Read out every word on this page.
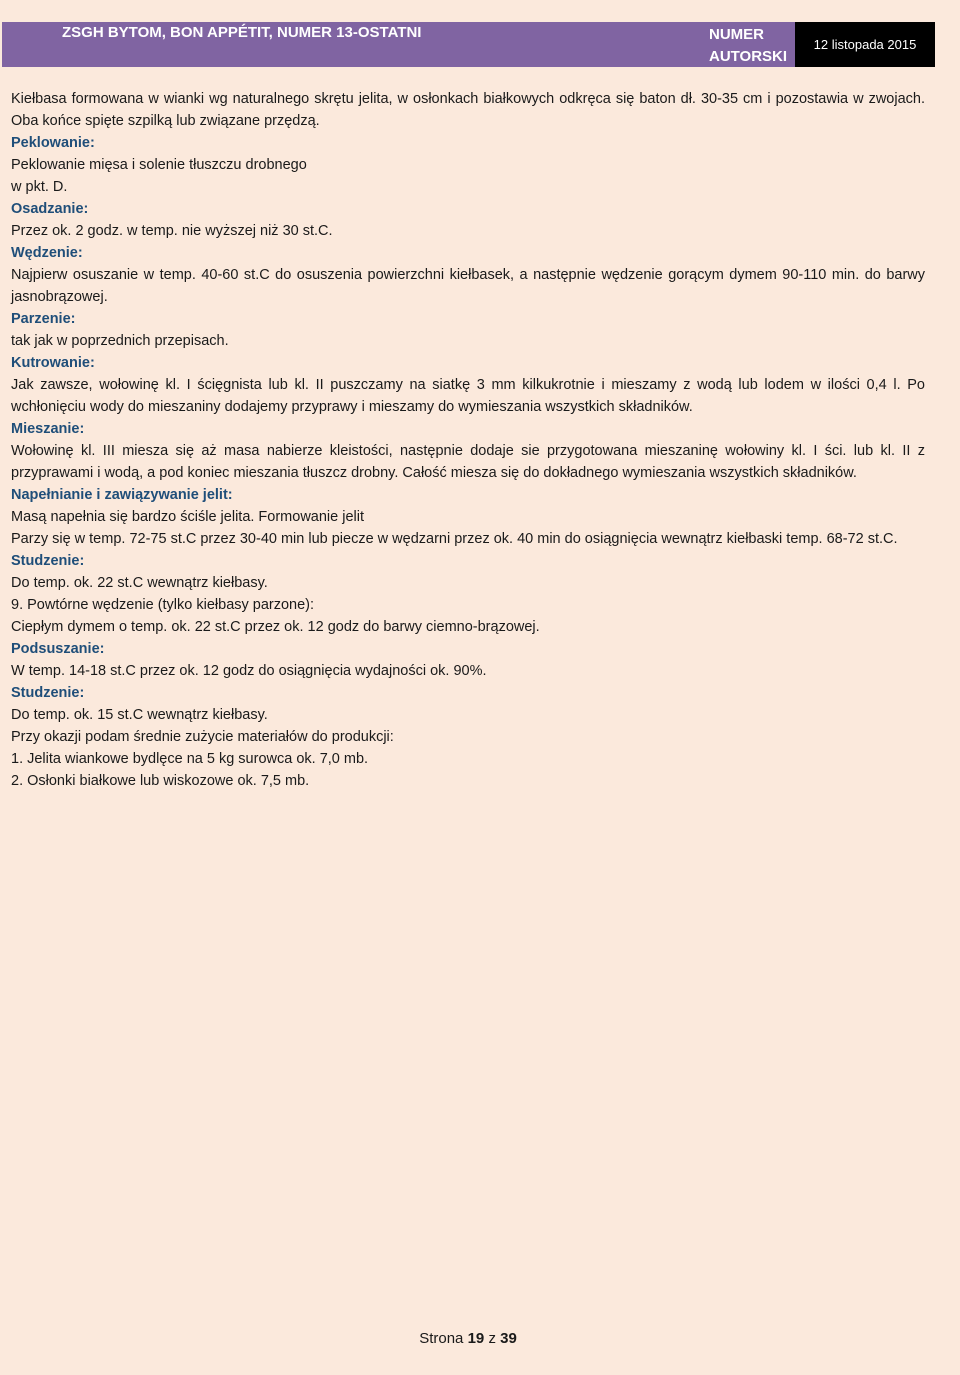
ZSGH BYTOM, BON APPÉTIT, NUMER 13-OSTATNI	NUMER
AUTORSKI
12 listopada 2015

Kiełbasa formowana w wianki wg naturalnego skrętu jelita, w osłonkach białkowych odkręca się baton dł. 30-35 cm i pozostawia w zwojach. Oba końce spięte szpilką lub związane przędzą.

Peklowanie:

Peklowanie mięsa i solenie tłuszczu drobnego

w pkt. D.

Osadzanie:

Przez ok. 2 godz. w temp. nie wyższej niż 30 st.C.

Wędzenie:

Najpierw osuszanie w temp. 40-60 st.C do osuszenia powierzchni kiełbasek, a następnie wędzenie gorącym dymem 90-110 min. do barwy jasnobrązowej.

Parzenie:

tak jak w poprzednich przepisach.

Kutrowanie:

Jak zawsze, wołowinę kl. I ścięgnista lub kl. II puszczamy na siatkę 3 mm kilkukrotnie i mieszamy z wodą lub lodem w ilości 0,4 l. Po wchłonięciu wody do mieszaniny dodajemy przyprawy i mieszamy do wymieszania wszystkich składników.

Mieszanie:

Wołowinę kl. III miesza się aż masa nabierze kleistości, następnie dodaje sie przygotowana mieszaninę wołowiny kl. I ści. lub kl. II z przyprawami i wodą, a pod koniec mieszania tłuszcz drobny. Całość miesza się do dokładnego wymieszania wszystkich składników.

Napełnianie i zawiązywanie jelit:

Masą napełnia się bardzo ściśle jelita. Formowanie jelit

Parzy się w temp. 72-75 st.C przez 30-40 min lub piecze w wędzarni przez ok. 40 min do osiągnięcia wewnątrz kiełbaski temp. 68-72 st.C.

Studzenie:

Do temp. ok. 22 st.C wewnątrz kiełbasy.

9. Powtórne wędzenie (tylko kiełbasy parzone):

Ciepłym dymem o temp. ok. 22 st.C przez ok. 12 godz do barwy ciemno-brązowej.

Podsuszanie:

W temp. 14-18 st.C przez ok. 12 godz do osiągnięcia wydajności ok. 90%.

Studzenie:

Do temp. ok. 15 st.C wewnątrz kiełbasy.

Przy okazji podam średnie zużycie materiałów do produkcji:

1. Jelita wiankowe bydlęce na 5 kg surowca ok. 7,0 mb.

2. Osłonki białkowe lub wiskozowe ok. 7,5 mb.

Strona 19 z 39
